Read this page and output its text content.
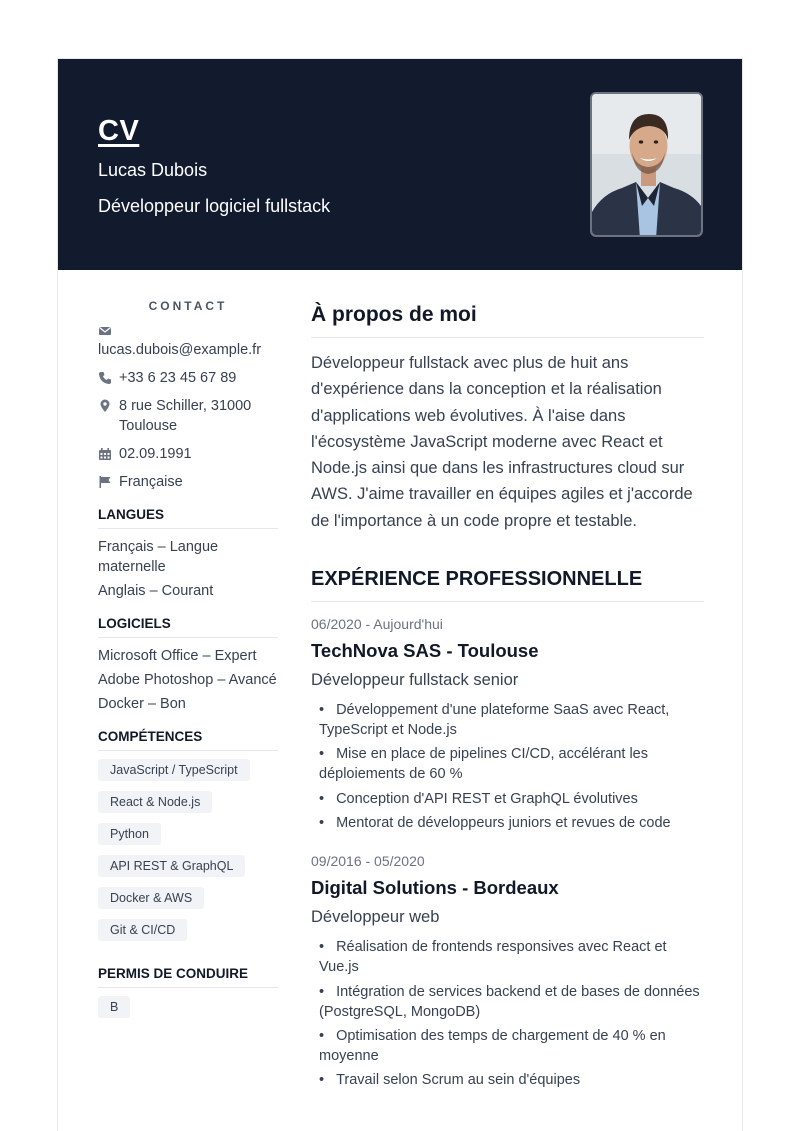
CV
Lucas Dubois
Développeur logiciel fullstack
CONTACT
lucas.dubois@example.fr
+33 6 23 45 67 89
8 rue Schiller, 31000 Toulouse
02.09.1991
Française
LANGUES
Français – Langue maternelle
Anglais – Courant
LOGICIELS
Microsoft Office – Expert
Adobe Photoshop – Avancé
Docker – Bon
COMPÉTENCES
JavaScript / TypeScript
React & Node.js
Python
API REST & GraphQL
Docker & AWS
Git & CI/CD
PERMIS DE CONDUIRE
B
À propos de moi
Développeur fullstack avec plus de huit ans d'expérience dans la conception et la réalisation d'applications web évolutives. À l'aise dans l'écosystème JavaScript moderne avec React et Node.js ainsi que dans les infrastructures cloud sur AWS. J'aime travailler en équipes agiles et j'accorde de l'importance à un code propre et testable.
EXPÉRIENCE PROFESSIONNELLE
06/2020 - Aujourd'hui
TechNova SAS - Toulouse
Développeur fullstack senior
• Développement d'une plateforme SaaS avec React, TypeScript et Node.js
• Mise en place de pipelines CI/CD, accélérant les déploiements de 60 %
• Conception d'API REST et GraphQL évolutives
• Mentorat de développeurs juniors et revues de code
09/2016 - 05/2020
Digital Solutions - Bordeaux
Développeur web
• Réalisation de frontends responsives avec React et Vue.js
• Intégration de services backend et de bases de données (PostgreSQL, MongoDB)
• Optimisation des temps de chargement de 40 % en moyenne
• Travail selon Scrum au sein d'équipes
